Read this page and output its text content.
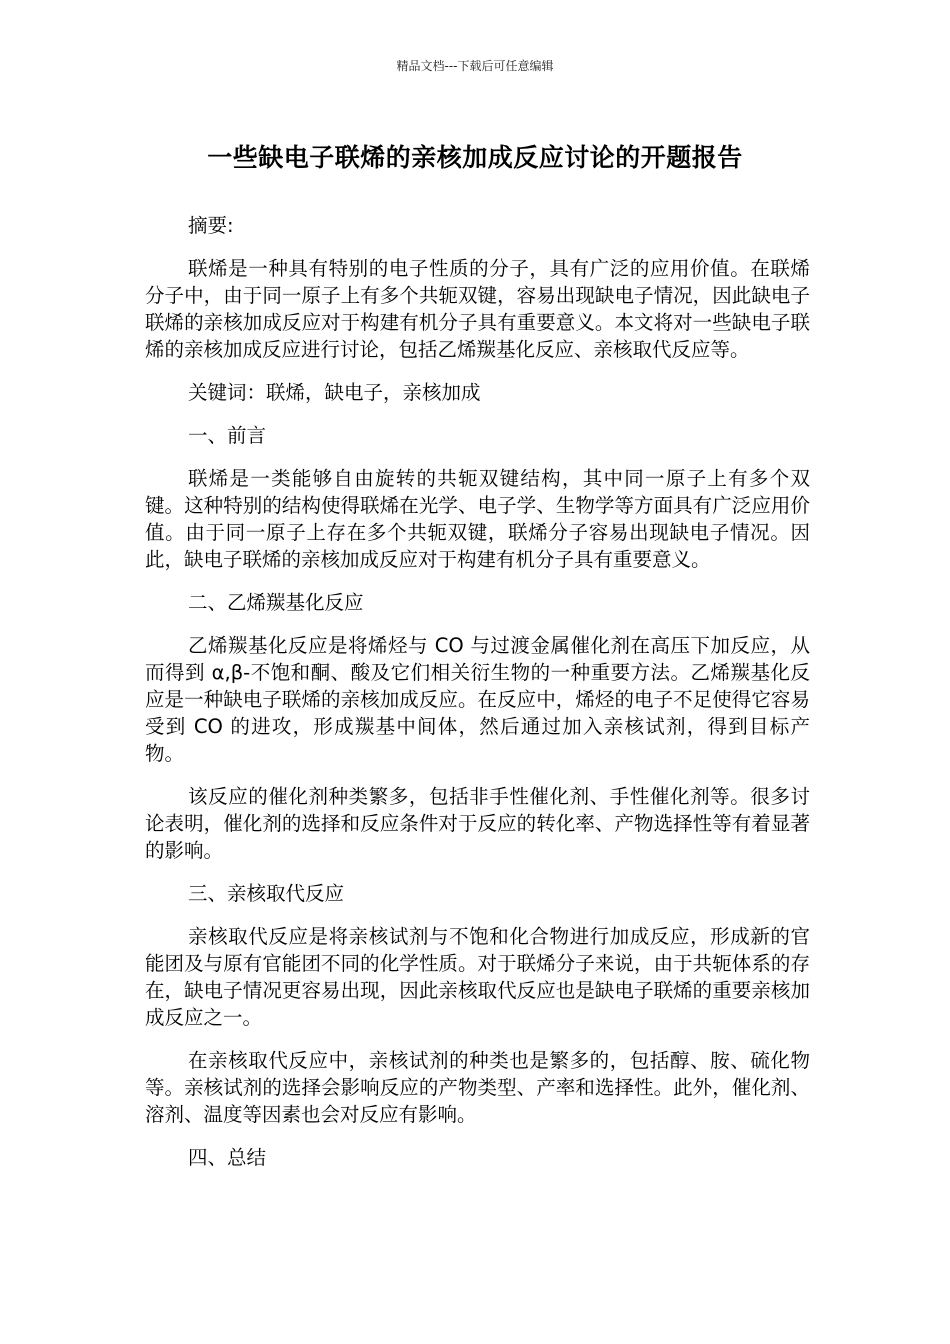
精品文档---下载后可任意编辑
一些缺电子联烯的亲核加成反应讨论的开题报告

摘要:

联烯是一种具有特别的电子性质的分子，具有广泛的应用价值。在联烯分子中，由于同一原子上有多个共轭双键，容易出现缺电子情况，因此缺电子联烯的亲核加成反应对于构建有机分子具有重要意义。本文将对一些缺电子联烯的亲核加成反应进行讨论，包括乙烯羰基化反应、亲核取代反应等。

关键词：联烯，缺电子，亲核加成

一、前言

联烯是一类能够自由旋转的共轭双键结构，其中同一原子上有多个双键。这种特别的结构使得联烯在光学、电子学、生物学等方面具有广泛应用价值。由于同一原子上存在多个共轭双键，联烯分子容易出现缺电子情况。因此，缺电子联烯的亲核加成反应对于构建有机分子具有重要意义。

二、乙烯羰基化反应

乙烯羰基化反应是将烯烃与 CO 与过渡金属催化剂在高压下加反应，从而得到 α,β-不饱和酮、酸及它们相关衍生物的一种重要方法。乙烯羰基化反应是一种缺电子联烯的亲核加成反应。在反应中，烯烃的电子不足使得它容易受到 CO 的进攻，形成羰基中间体，然后通过加入亲核试剂，得到目标产物。

该反应的催化剂种类繁多，包括非手性催化剂、手性催化剂等。很多讨论表明，催化剂的选择和反应条件对于反应的转化率、产物选择性等有着显著的影响。

三、亲核取代反应

亲核取代反应是将亲核试剂与不饱和化合物进行加成反应，形成新的官能团及与原有官能团不同的化学性质。对于联烯分子来说，由于共轭体系的存在，缺电子情况更容易出现，因此亲核取代反应也是缺电子联烯的重要亲核加成反应之一。

在亲核取代反应中，亲核试剂的种类也是繁多的，包括醇、胺、硫化物等。亲核试剂的选择会影响反应的产物类型、产率和选择性。此外，催化剂、溶剂、温度等因素也会对反应有影响。

四、总结
